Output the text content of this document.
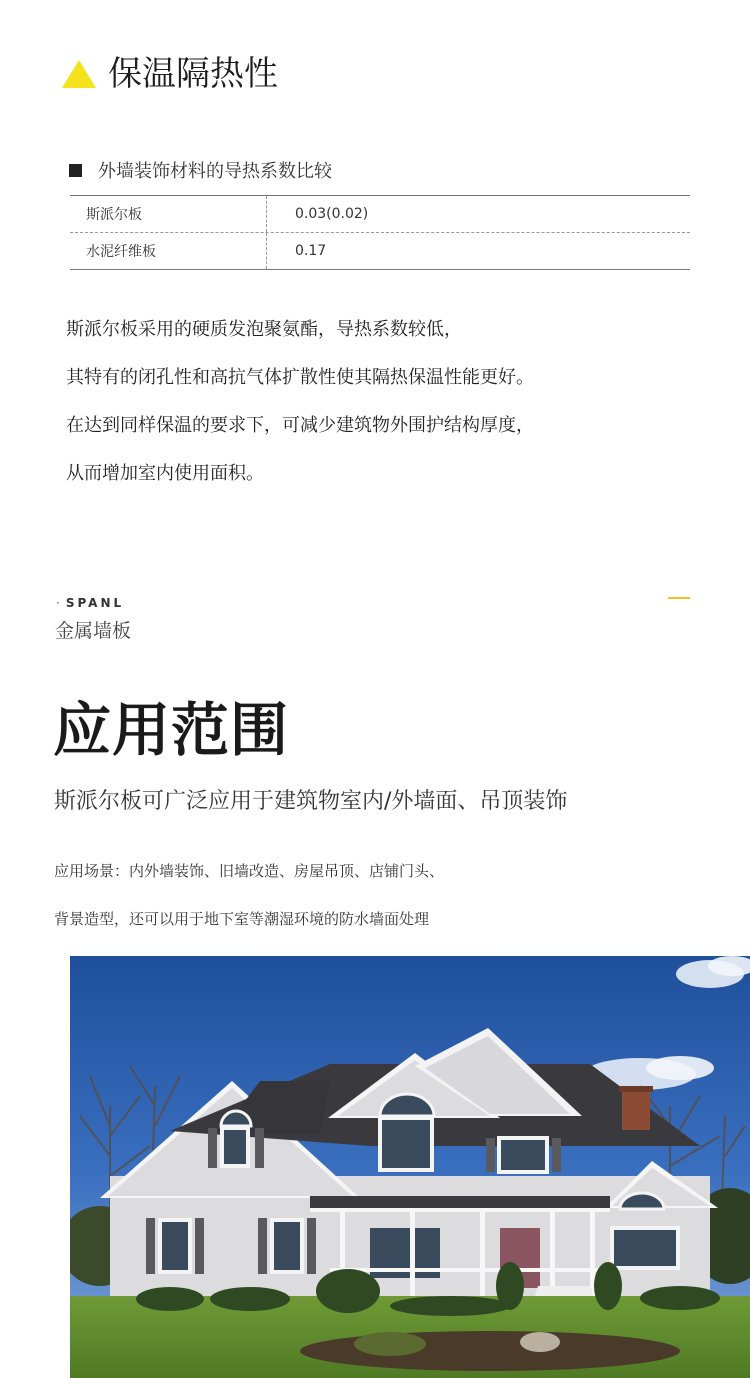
保温隔热性
外墙装饰材料的导热系数比较
斯派尔板	0.03(0.02)
水泥纤维板	0.17
斯派尔板采用的硬质发泡聚氨酯，导热系数较低，
其特有的闭孔性和高抗气体扩散性使其隔热保温性能更好。
在达到同样保温的要求下，可减少建筑物外围护结构厚度，
从而增加室内使用面积。
· SPANL
金属墙板
应用范围
斯派尔板可广泛应用于建筑物室内/外墙面、吊顶装饰
应用场景：内外墙装饰、旧墙改造、房屋吊顶、店铺门头、
背景造型，还可以用于地下室等潮湿环境的防水墙面处理
